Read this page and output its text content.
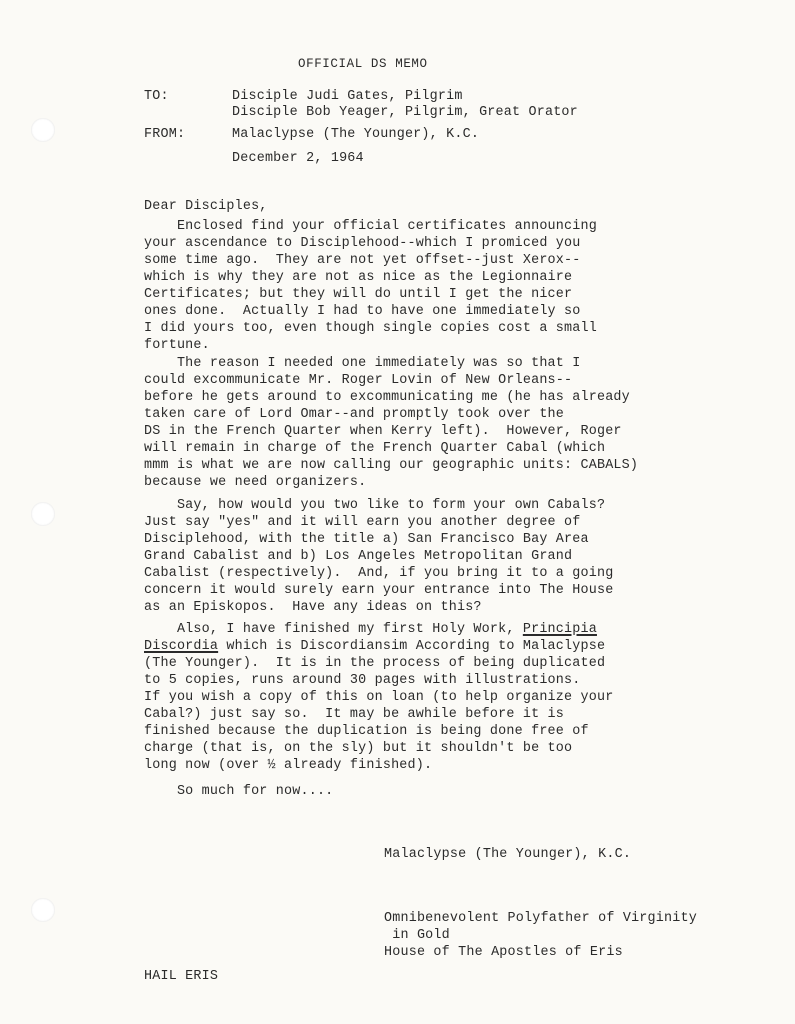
OFFICIAL DS MEMO
TO:	Disciple Judi Gates, Pilgrim
Disciple Bob Yeager, Pilgrim, Great Orator
FROM:	Malaclypse (The Younger), K.C.
December 2, 1964
Dear Disciples,
Enclosed find your official certificates announcing
your ascendance to Disciplehood--which I promiced you
some time ago.  They are not yet offset--just Xerox--
which is why they are not as nice as the Legionnaire
Certificates; but they will do until I get the nicer
ones done.  Actually I had to have one immediately so
I did yours too, even though single copies cost a small
fortune.
The reason I needed one immediately was so that I
could excommunicate Mr. Roger Lovin of New Orleans--
before he gets around to excommunicating me (he has already
taken care of Lord Omar--and promptly took over the
DS in the French Quarter when Kerry left).  However, Roger
will remain in charge of the French Quarter Cabal (which
mmm is what we are now calling our geographic units: CABALS)
because we need organizers.
Say, how would you two like to form your own Cabals?
Just say "yes" and it will earn you another degree of
Disciplehood, with the title a) San Francisco Bay Area
Grand Cabalist and b) Los Angeles Metropolitan Grand
Cabalist (respectively).  And, if you bring it to a going
concern it would surely earn your entrance into The House
as an Episkopos.  Have any ideas on this?
Also, I have finished my first Holy Work, Principia
Discordia which is Discordiansim According to Malaclypse
(The Younger).  It is in the process of being duplicated
to 5 copies, runs around 30 pages with illustrations.
If you wish a copy of this on loan (to help organize your
Cabal?) just say so.  It may be awhile before it is
finished because the duplication is being done free of
charge (that is, on the sly) but it shouldn't be too
long now (over ½ already finished).
So much for now....
Malaclypse (The Younger), K.C.
Omnibenevolent Polyfather of Virginity
in Gold
House of The Apostles of Eris
HAIL ERIS
